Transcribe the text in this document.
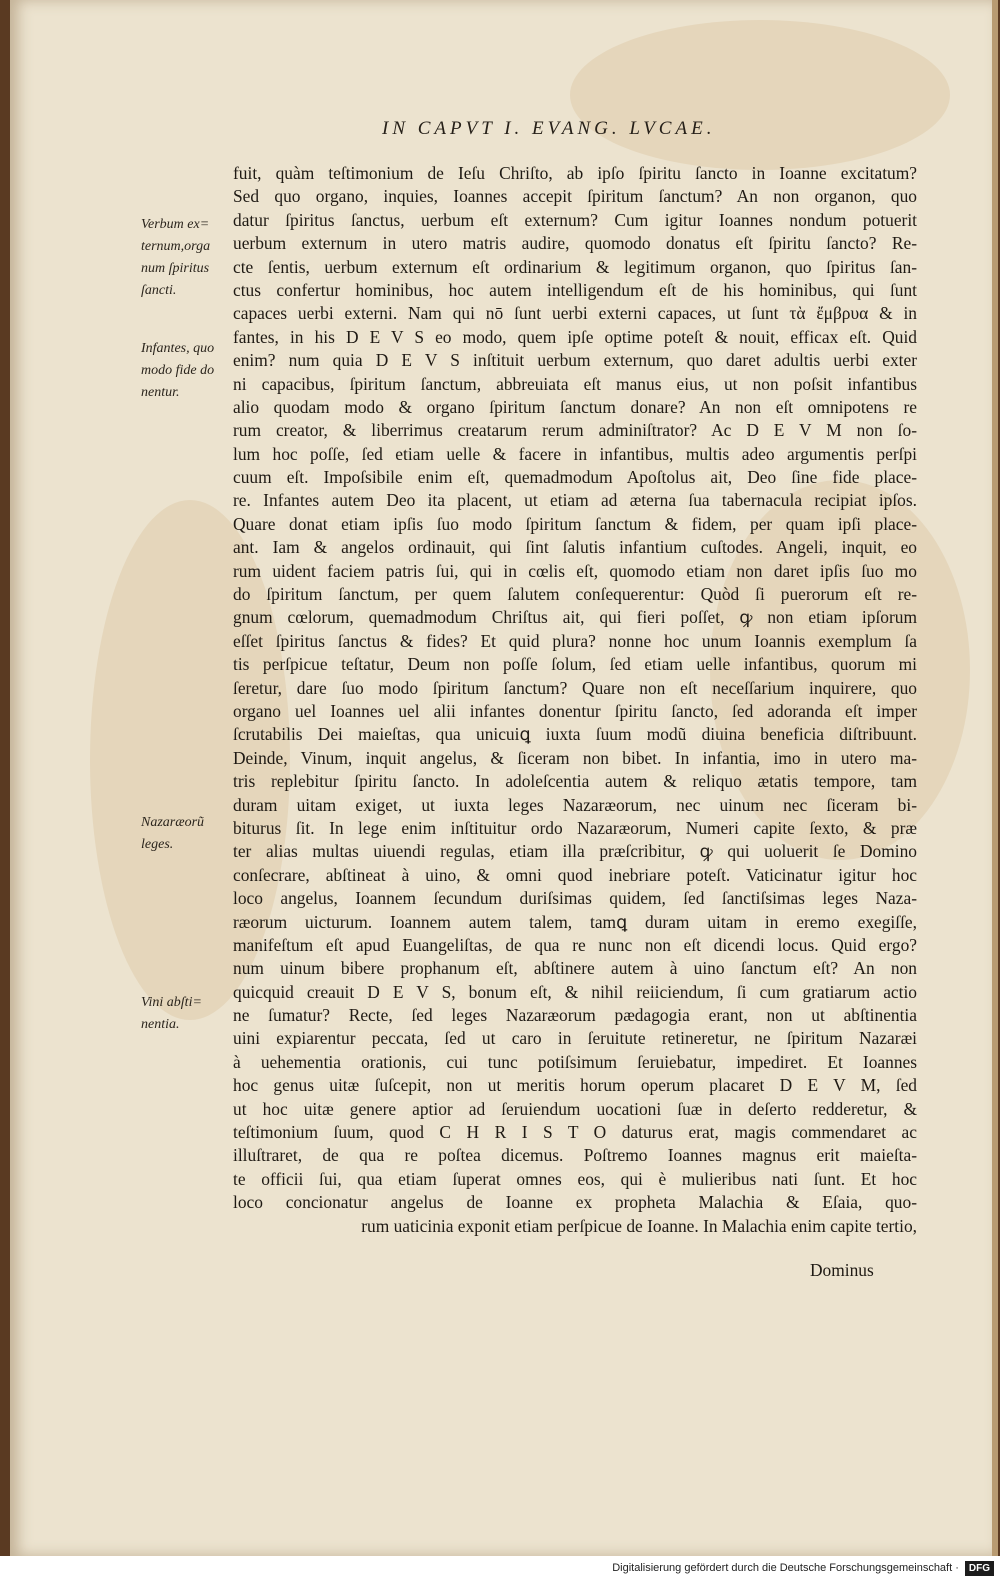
IN CAPVT I. EVANG. LVCAE.
Verbum ex=
ternum,orga
num ſpiritus
ſancti.
Infantes, quo
modo fide do
nentur.
Nazaræorũ
leges.
Vini abſti=
nentia.
fuit, quàm teſtimonium de Ieſu Chriſto, ab ipſo ſpiritu ſancto in Ioanne excitatum?
Sed quo organo, inquies, Ioannes accepit ſpiritum ſanctum? An non organon, quo
datur ſpiritus ſanctus, uerbum eſt externum? Cum igitur Ioannes nondum potuerit
uerbum externum in utero matris audire, quomodo donatus eſt ſpiritu ſancto? Re-
cte ſentis, uerbum externum eſt ordinarium & legitimum organon, quo ſpiritus ſan-
ctus confertur hominibus, hoc autem intelligendum eſt de his hominibus, qui ſunt
capaces uerbi externi. Nam qui nō ſunt uerbi externi capaces, ut ſunt τὰ ἔμβρυα & in
fantes, in his D E V S eo modo, quem ipſe optime poteſt & nouit, efficax eſt. Quid
enim? num quia D E V S inſtituit uerbum externum, quo daret adultis uerbi exter
ni capacibus, ſpiritum ſanctum, abbreuiata eſt manus eius, ut non poſsit infantibus
alio quodam modo & organo ſpiritum ſanctum donare? An non eſt omnipotens re
rum creator, & liberrimus creatarum rerum adminiſtrator? Ac D E V M non ſo-
lum hoc poſſe, ſed etiam uelle & facere in infantibus, multis adeo argumentis perſpi
cuum eſt. Impoſsibile enim eſt, quemadmodum Apoſtolus ait, Deo ſine fide place-
re. Infantes autem Deo ita placent, ut etiam ad æterna ſua tabernacula recipiat ipſos.
Quare donat etiam ipſis ſuo modo ſpiritum ſanctum & fidem, per quam ipſi place-
ant. Iam & angelos ordinauit, qui ſint ſalutis infantium cuſtodes. Angeli, inquit, eo
rum uident faciem patris ſui, qui in cœlis eſt, quomodo etiam non daret ipſis ſuo mo
do ſpiritum ſanctum, per quem ſalutem conſequerentur: Quòd ſi puerorum eſt re-
gnum cœlorum, quemadmodum Chriſtus ait, qui fieri poſſet, ꝙ non etiam ipſorum
eſſet ſpiritus ſanctus & fides? Et quid plura? nonne hoc unum Ioannis exemplum ſa
tis perſpicue teſtatur, Deum non poſſe ſolum, ſed etiam uelle infantibus, quorum mi
ſeretur, dare ſuo modo ſpiritum ſanctum? Quare non eſt neceſſarium inquirere, quo
organo uel Ioannes uel alii infantes donentur ſpiritu ſancto, ſed adoranda eſt imper
ſcrutabilis Dei maieſtas, qua unicuiꝗ iuxta ſuum modũ diuina beneficia diſtribuunt.
Deinde, Vinum, inquit angelus, & ſiceram non bibet. In infantia, imo in utero ma-
tris replebitur ſpiritu ſancto. In adoleſcentia autem & reliquo ætatis tempore, tam
duram uitam exiget, ut iuxta leges Nazaræorum, nec uinum nec ſiceram bi-
biturus ſit. In lege enim inſtituitur ordo Nazaræorum, Numeri capite ſexto, & præ
ter alias multas uiuendi regulas, etiam illa præſcribitur, ꝙ qui uoluerit ſe Domino
conſecrare, abſtineat à uino, & omni quod inebriare poteſt. Vaticinatur igitur hoc
loco angelus, Ioannem ſecundum duriſsimas quidem, ſed ſanctiſsimas leges Naza-
ræorum uicturum. Ioannem autem talem, tamꝗ duram uitam in eremo exegiſſe,
manifeſtum eſt apud Euangeliſtas, de qua re nunc non eſt dicendi locus. Quid ergo?
num uinum bibere prophanum eſt, abſtinere autem à uino ſanctum eſt? An non
quicquid creauit D E V S, bonum eſt, & nihil reiiciendum, ſi cum gratiarum actio
ne ſumatur? Recte, ſed leges Nazaræorum pædagogia erant, non ut abſtinentia
uini expiarentur peccata, ſed ut caro in ſeruitute retineretur, ne ſpiritum Nazaræi
à uehementia orationis, cui tunc potiſsimum ſeruiebatur, impediret. Et Ioannes
hoc genus uitæ ſuſcepit, non ut meritis horum operum placaret D E V M, ſed
ut hoc uitæ genere aptior ad ſeruiendum uocationi ſuæ in deſerto redderetur, &
teſtimonium ſuum, quod C H R I S T O daturus erat, magis commendaret ac
illuſtraret, de qua re poſtea dicemus. Poſtremo Ioannes magnus erit maieſta-
te officii ſui, qua etiam ſuperat omnes eos, qui è mulieribus nati ſunt. Et hoc
loco concionatur angelus de Ioanne ex propheta Malachia & Eſaia, quo-
rum uaticinia exponit etiam perſpicue de Ioanne. In Malachia enim capite tertio,
Dominus
Digitalisierung gefördert durch die Deutsche Forschungsgemeinschaft ·	DFG
